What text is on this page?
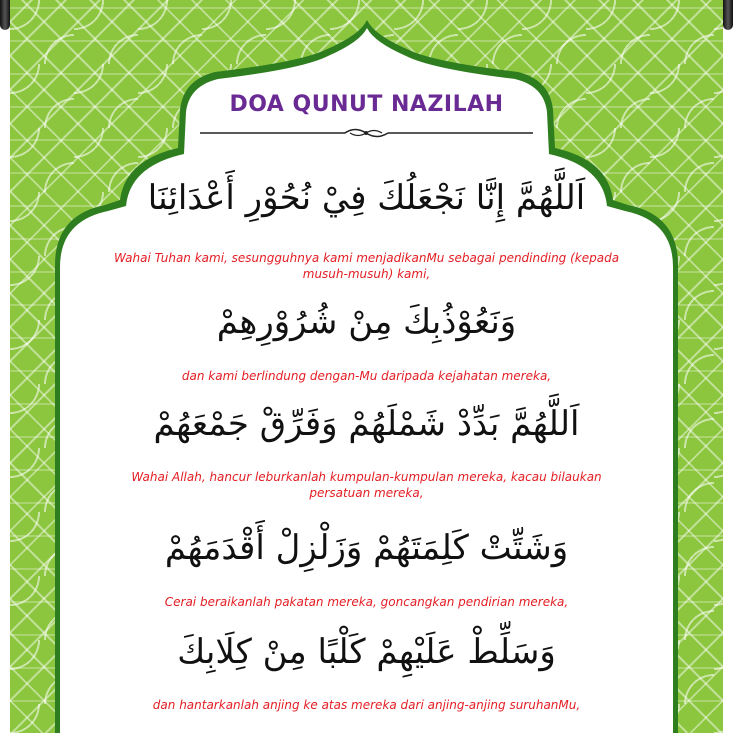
DOA QUNUT NAZILAH
اَللَّهُمَّ إِنَّا نَجْعَلُكَ فِيْ نُحُوْرِ أَعْدَائِنَا
Wahai Tuhan kami, sesungguhnya kami menjadikanMu sebagai pendinding (kepada musuh-musuh) kami,
وَنَعُوْذُبِكَ مِنْ شُرُوْرِهِمْ
dan kami berlindung dengan-Mu daripada kejahatan mereka,
اَللَّهُمَّ بَدِّدْ شَمْلَهُمْ وَفَرِّقْ جَمْعَهُمْ
Wahai Allah, hancur leburkanlah kumpulan-kumpulan mereka, kacau bilaukan persatuan mereka,
وَشَتِّتْ كَلِمَتَهُمْ وَزَلْزِلْ أَقْدَمَهُمْ
Cerai beraikanlah pakatan mereka, goncangkan pendirian mereka,
وَسَلِّطْ عَلَيْهِمْ كَلْبًا مِنْ كِلَابِكَ
dan hantarkanlah anjing ke atas mereka dari anjing-anjing suruhanMu,
